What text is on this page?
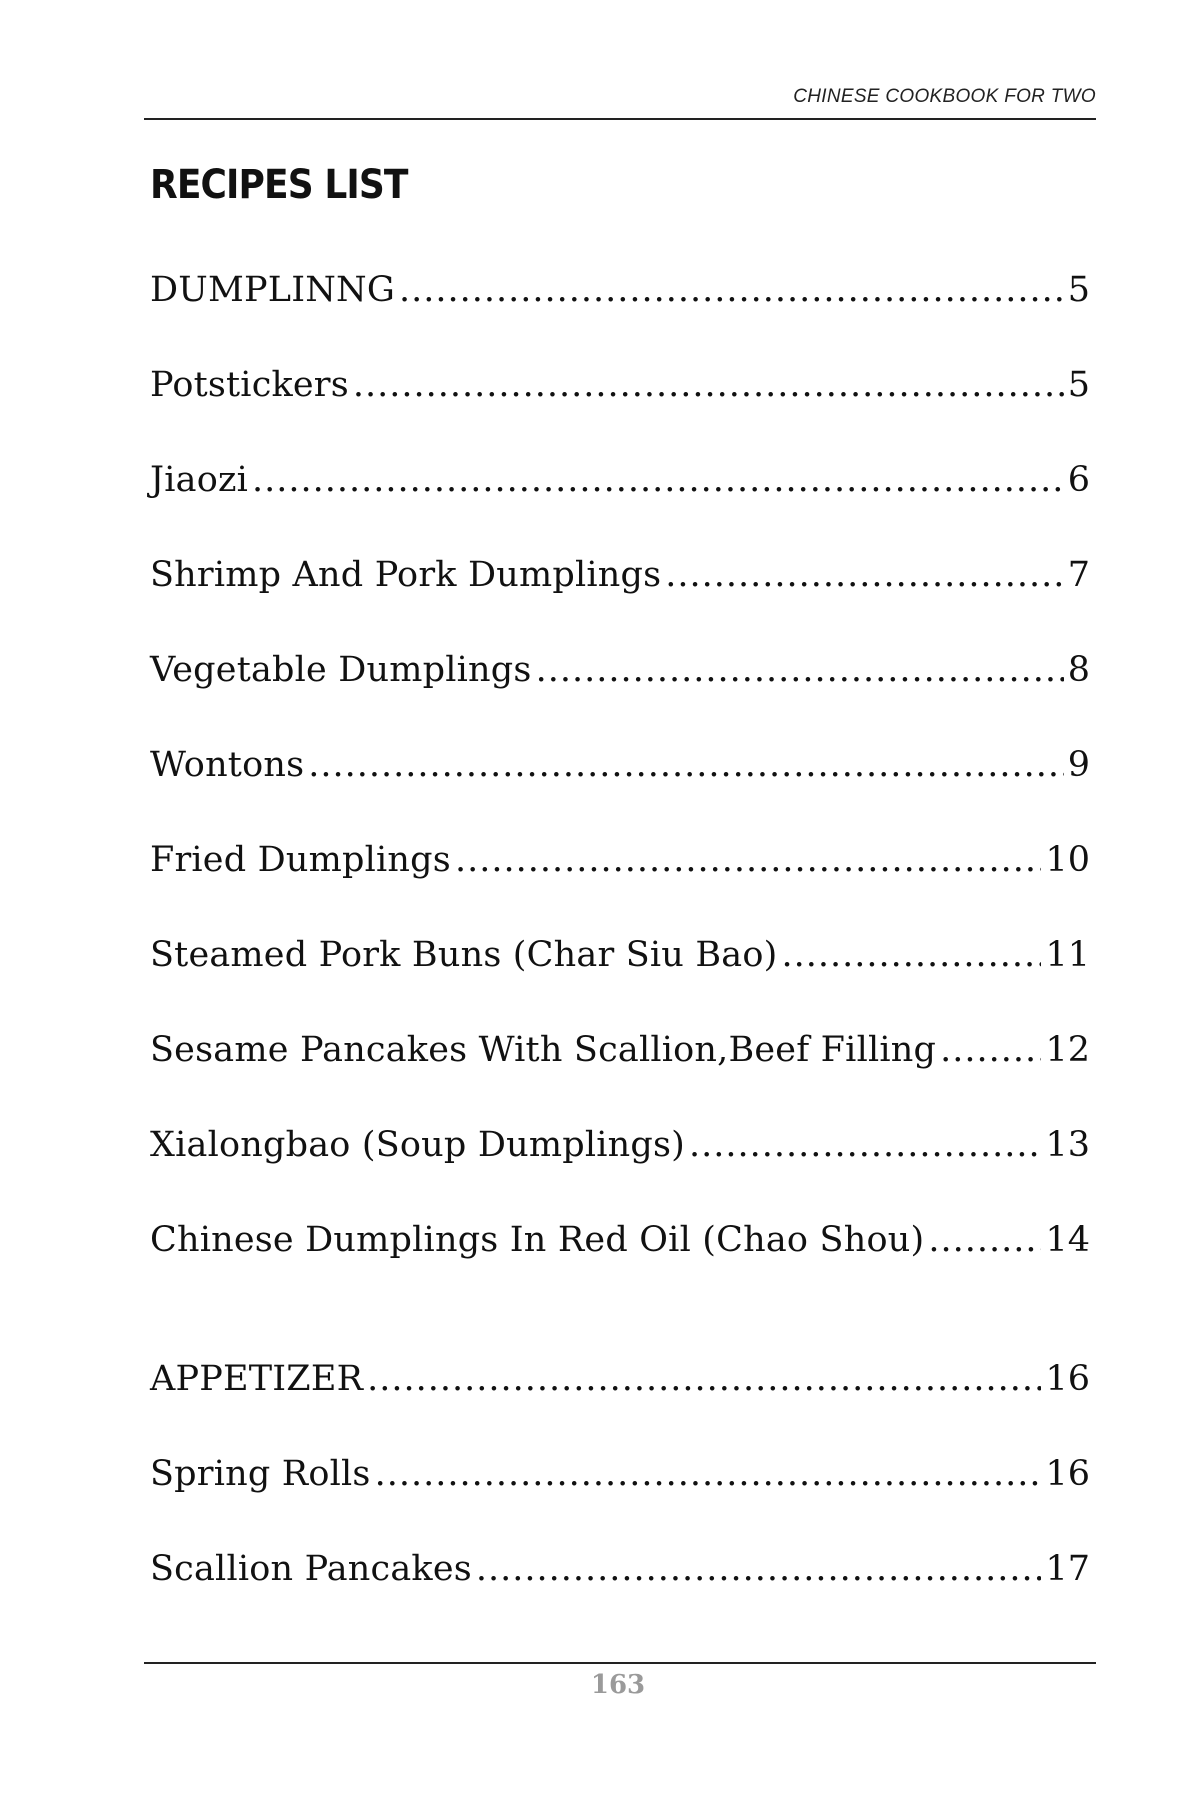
CHINESE COOKBOOK FOR TWO
RECIPES LIST
DUMPLINNG .....	5
Potstickers .....	5
Jiaozi .....	6
Shrimp And Pork Dumplings .....	7
Vegetable Dumplings .....	8
Wontons .....	9
Fried Dumplings .....	10
Steamed Pork Buns (Char Siu Bao) .....	11
Sesame Pancakes With Scallion,Beef Filling .....	12
Xialongbao (Soup Dumplings) .....	13
Chinese Dumplings In Red Oil (Chao Shou) .....	14
APPETIZER .....	16
Spring Rolls .....	16
Scallion Pancakes .....	17
163
